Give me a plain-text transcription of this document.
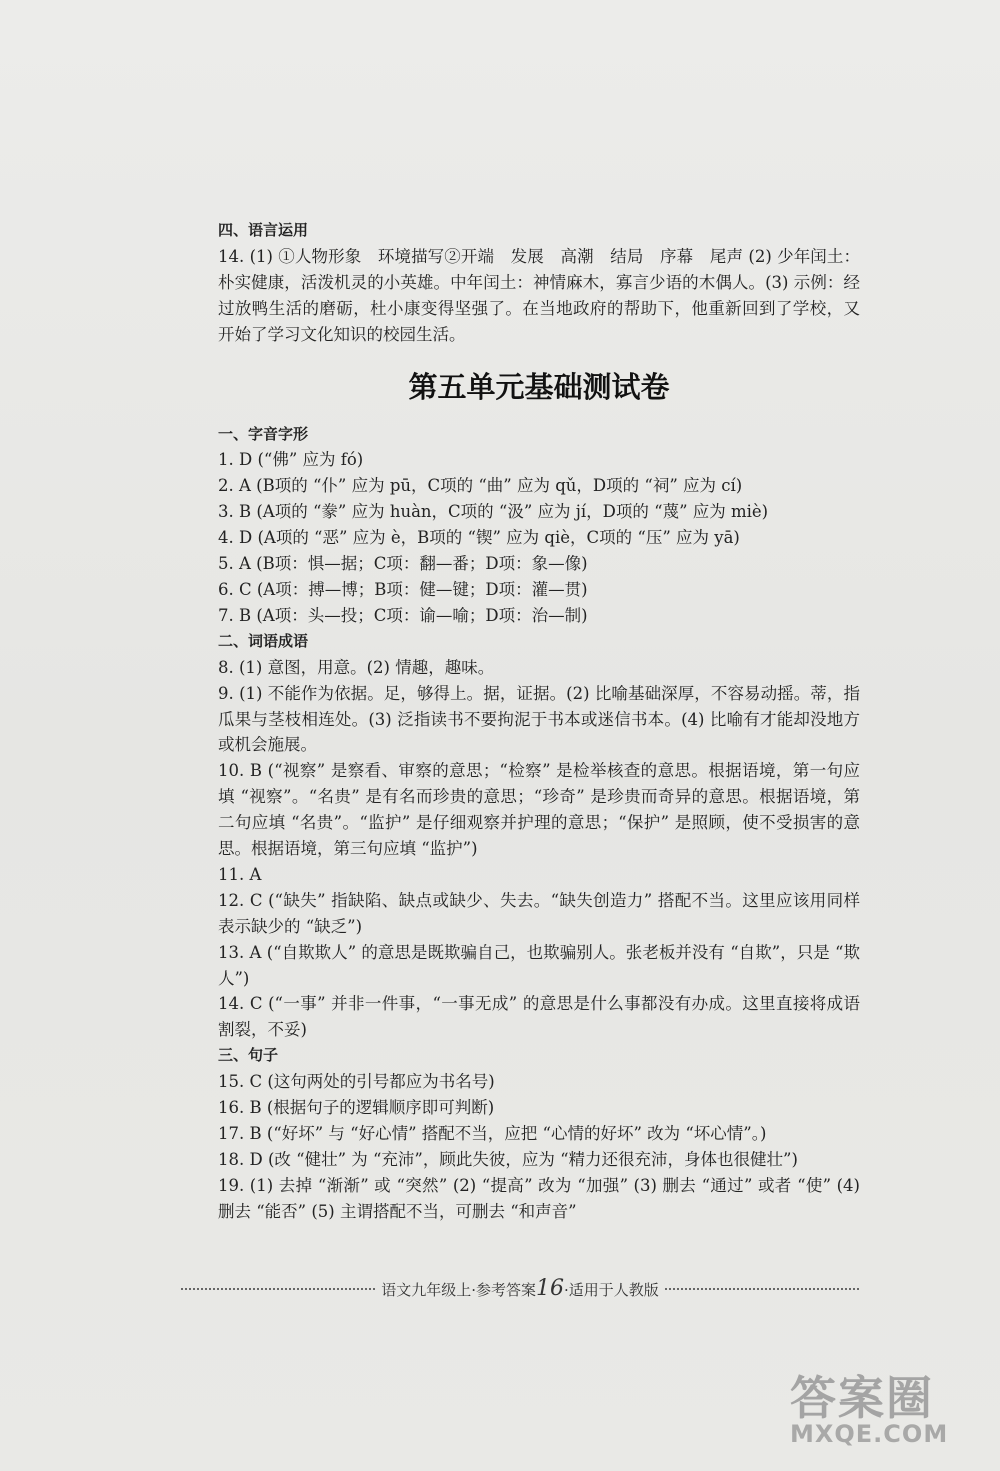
四、语言运用

14. (1) ①人物形象　环境描写②开端　发展　高潮　结局　序幕　尾声 (2) 少年闰土：朴实健康，活泼机灵的小英雄。中年闰土：神情麻木，寡言少语的木偶人。(3) 示例：经过放鸭生活的磨砺，杜小康变得坚强了。在当地政府的帮助下，他重新回到了学校，又开始了学习文化知识的校园生活。

第五单元基础测试卷
一、字音字形

1. D (“佛” 应为 fó)

2. A (B项的 “仆” 应为 pū，C项的 “曲” 应为 qǔ，D项的 “祠” 应为 cí)

3. B (A项的 “豢” 应为 huàn，C项的 “汲” 应为 jí，D项的 “蔑” 应为 miè)

4. D (A项的 “恶” 应为 è，B项的 “锲” 应为 qiè，C项的 “压” 应为 yā)

5. A (B项：惧—据；C项：翻—番；D项：象—像)

6. C (A项：搏—博；B项：健—键；D项：灌—贯)

7. B (A项：头—投；C项：谕—喻；D项：治—制)

二、词语成语

8. (1) 意图，用意。(2) 情趣，趣味。

9. (1) 不能作为依据。足，够得上。据，证据。(2) 比喻基础深厚，不容易动摇。蒂，指瓜果与茎枝相连处。(3) 泛指读书不要拘泥于书本或迷信书本。(4) 比喻有才能却没地方或机会施展。

10. B (“视察” 是察看、审察的意思；“检察” 是检举核查的意思。根据语境，第一句应填 “视察”。“名贵” 是有名而珍贵的意思；“珍奇” 是珍贵而奇异的意思。根据语境，第二句应填 “名贵”。“监护” 是仔细观察并护理的意思；“保护” 是照顾，使不受损害的意思。根据语境，第三句应填 “监护”)

11. A

12. C (“缺失” 指缺陷、缺点或缺少、失去。“缺失创造力” 搭配不当。这里应该用同样表示缺少的 “缺乏”)

13. A (“自欺欺人” 的意思是既欺骗自己，也欺骗别人。张老板并没有 “自欺”，只是 “欺人”)

14. C (“一事” 并非一件事，“一事无成” 的意思是什么事都没有办成。这里直接将成语割裂，不妥)

三、句子

15. C (这句两处的引号都应为书名号)

16. B (根据句子的逻辑顺序即可判断)

17. B (“好坏” 与 “好心情” 搭配不当，应把 “心情的好坏” 改为 “坏心情”。)

18. D (改 “健壮” 为 “充沛”，顾此失彼，应为 “精力还很充沛，身体也很健壮”)

19. (1) 去掉 “渐渐” 或 “突然” (2) “提高” 改为 “加强” (3) 删去 “通过” 或者 “使” (4) 删去 “能否” (5) 主谓搭配不当，可删去 “和声音”

语文九年级上·参考答案16·适用于人教版
答案圈
MXQE.COM
